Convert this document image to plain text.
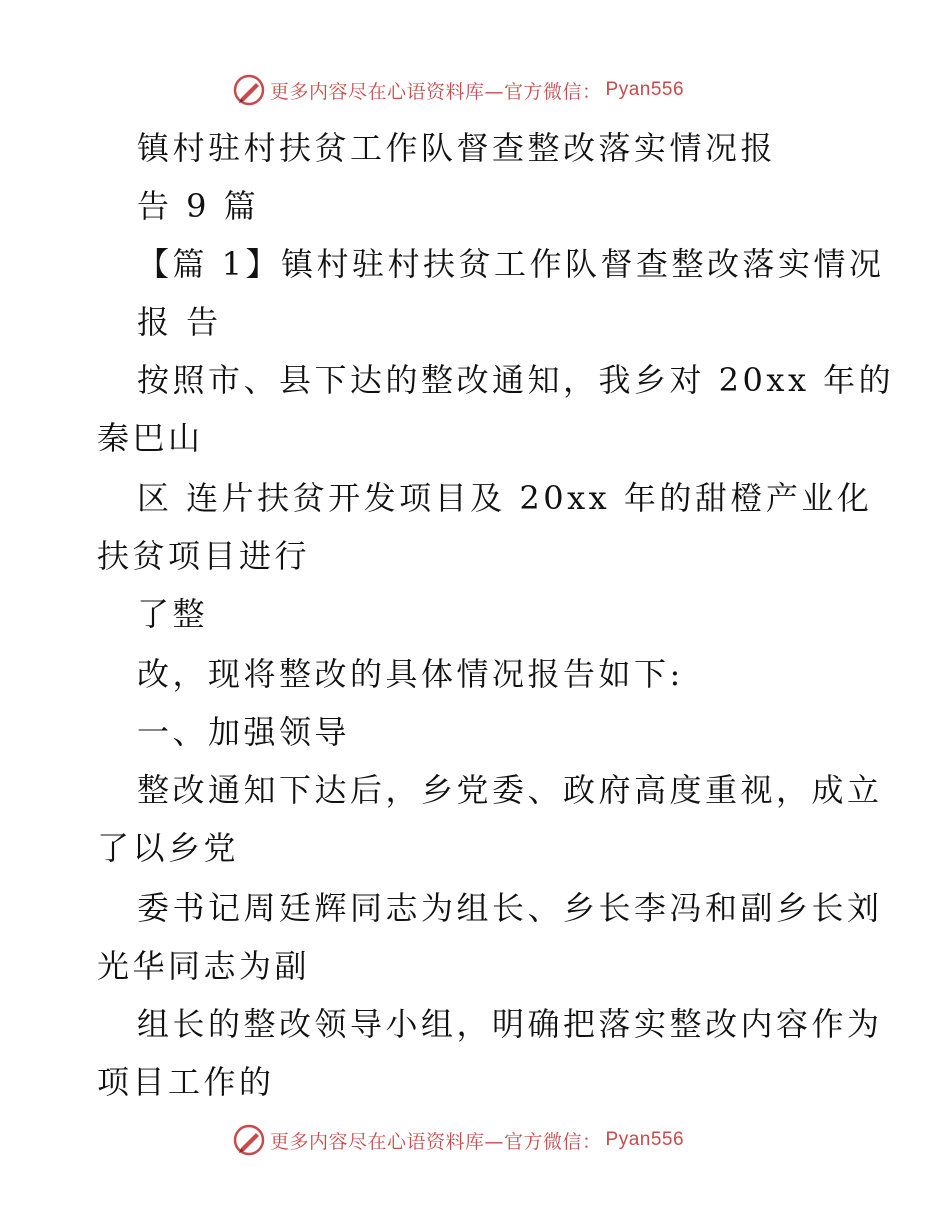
更多内容尽在心语资料库—官方微信： Pyan556
镇村驻村扶贫工作队督查整改落实情况报
告 9 篇
【篇 1】镇村驻村扶贫工作队督查整改落实情况
报 告
按照市、县下达的整改通知，我乡对 20xx 年的
秦巴山
区 连片扶贫开发项目及 20xx 年的甜橙产业化
扶贫项目进行
了整
改，现将整改的具体情况报告如下:
一、加强领导
整改通知下达后，乡党委、政府高度重视，成立
了以乡党
委书记周廷辉同志为组长、乡长李冯和副乡长刘
光华同志为副
组长的整改领导小组，明确把落实整改内容作为
项目工作的
更多内容尽在心语资料库—官方微信： Pyan556
